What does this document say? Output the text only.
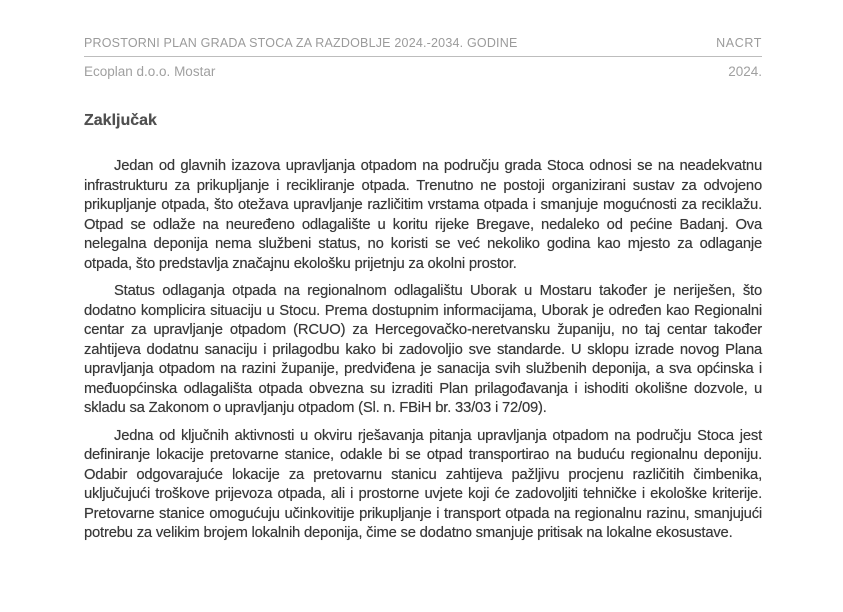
PROSTORNI PLAN GRADA STOCA ZA RAZDOBLJE 2024.-2034. GODINE	NACRT
Ecoplan d.o.o. Mostar	2024.
Zaključak

Jedan od glavnih izazova upravljanja otpadom na području grada Stoca odnosi se na neadekvatnu infrastrukturu za prikupljanje i recikliranje otpada. Trenutno ne postoji organizirani sustav za odvojeno prikupljanje otpada, što otežava upravljanje različitim vrstama otpada i smanjuje mogućnosti za reciklažu. Otpad se odlaže na neuređeno odlagalište u koritu rijeke Bregave, nedaleko od pećine Badanj. Ova nelegalna deponija nema službeni status, no koristi se već nekoliko godina kao mjesto za odlaganje otpada, što predstavlja značajnu ekološku prijetnju za okolni prostor.

Status odlaganja otpada na regionalnom odlagalištu Uborak u Mostaru također je neriješen, što dodatno komplicira situaciju u Stocu. Prema dostupnim informacijama, Uborak je određen kao Regionalni centar za upravljanje otpadom (RCUO) za Hercegovačko-neretvansku županiju, no taj centar također zahtijeva dodatnu sanaciju i prilagodbu kako bi zadovoljio sve standarde. U sklopu izrade novog Plana upravljanja otpadom na razini županije, predviđena je sanacija svih službenih deponija, a sva općinska i međuopćinska odlagališta otpada obvezna su izraditi Plan prilagođavanja i ishoditi okolišne dozvole, u skladu sa Zakonom o upravljanju otpadom (Sl. n. FBiH br. 33/03 i 72/09).

Jedna od ključnih aktivnosti u okviru rješavanja pitanja upravljanja otpadom na području Stoca jest definiranje lokacije pretovarne stanice, odakle bi se otpad transportirao na buduću regionalnu deponiju. Odabir odgovarajuće lokacije za pretovarnu stanicu zahtijeva pažljivu procjenu različitih čimbenika, uključujući troškove prijevoza otpada, ali i prostorne uvjete koji će zadovoljiti tehničke i ekološke kriterije. Pretovarne stanice omogućuju učinkovitije prikupljanje i transport otpada na regionalnu razinu, smanjujući potrebu za velikim brojem lokalnih deponija, čime se dodatno smanjuje pritisak na lokalne ekosustave.
